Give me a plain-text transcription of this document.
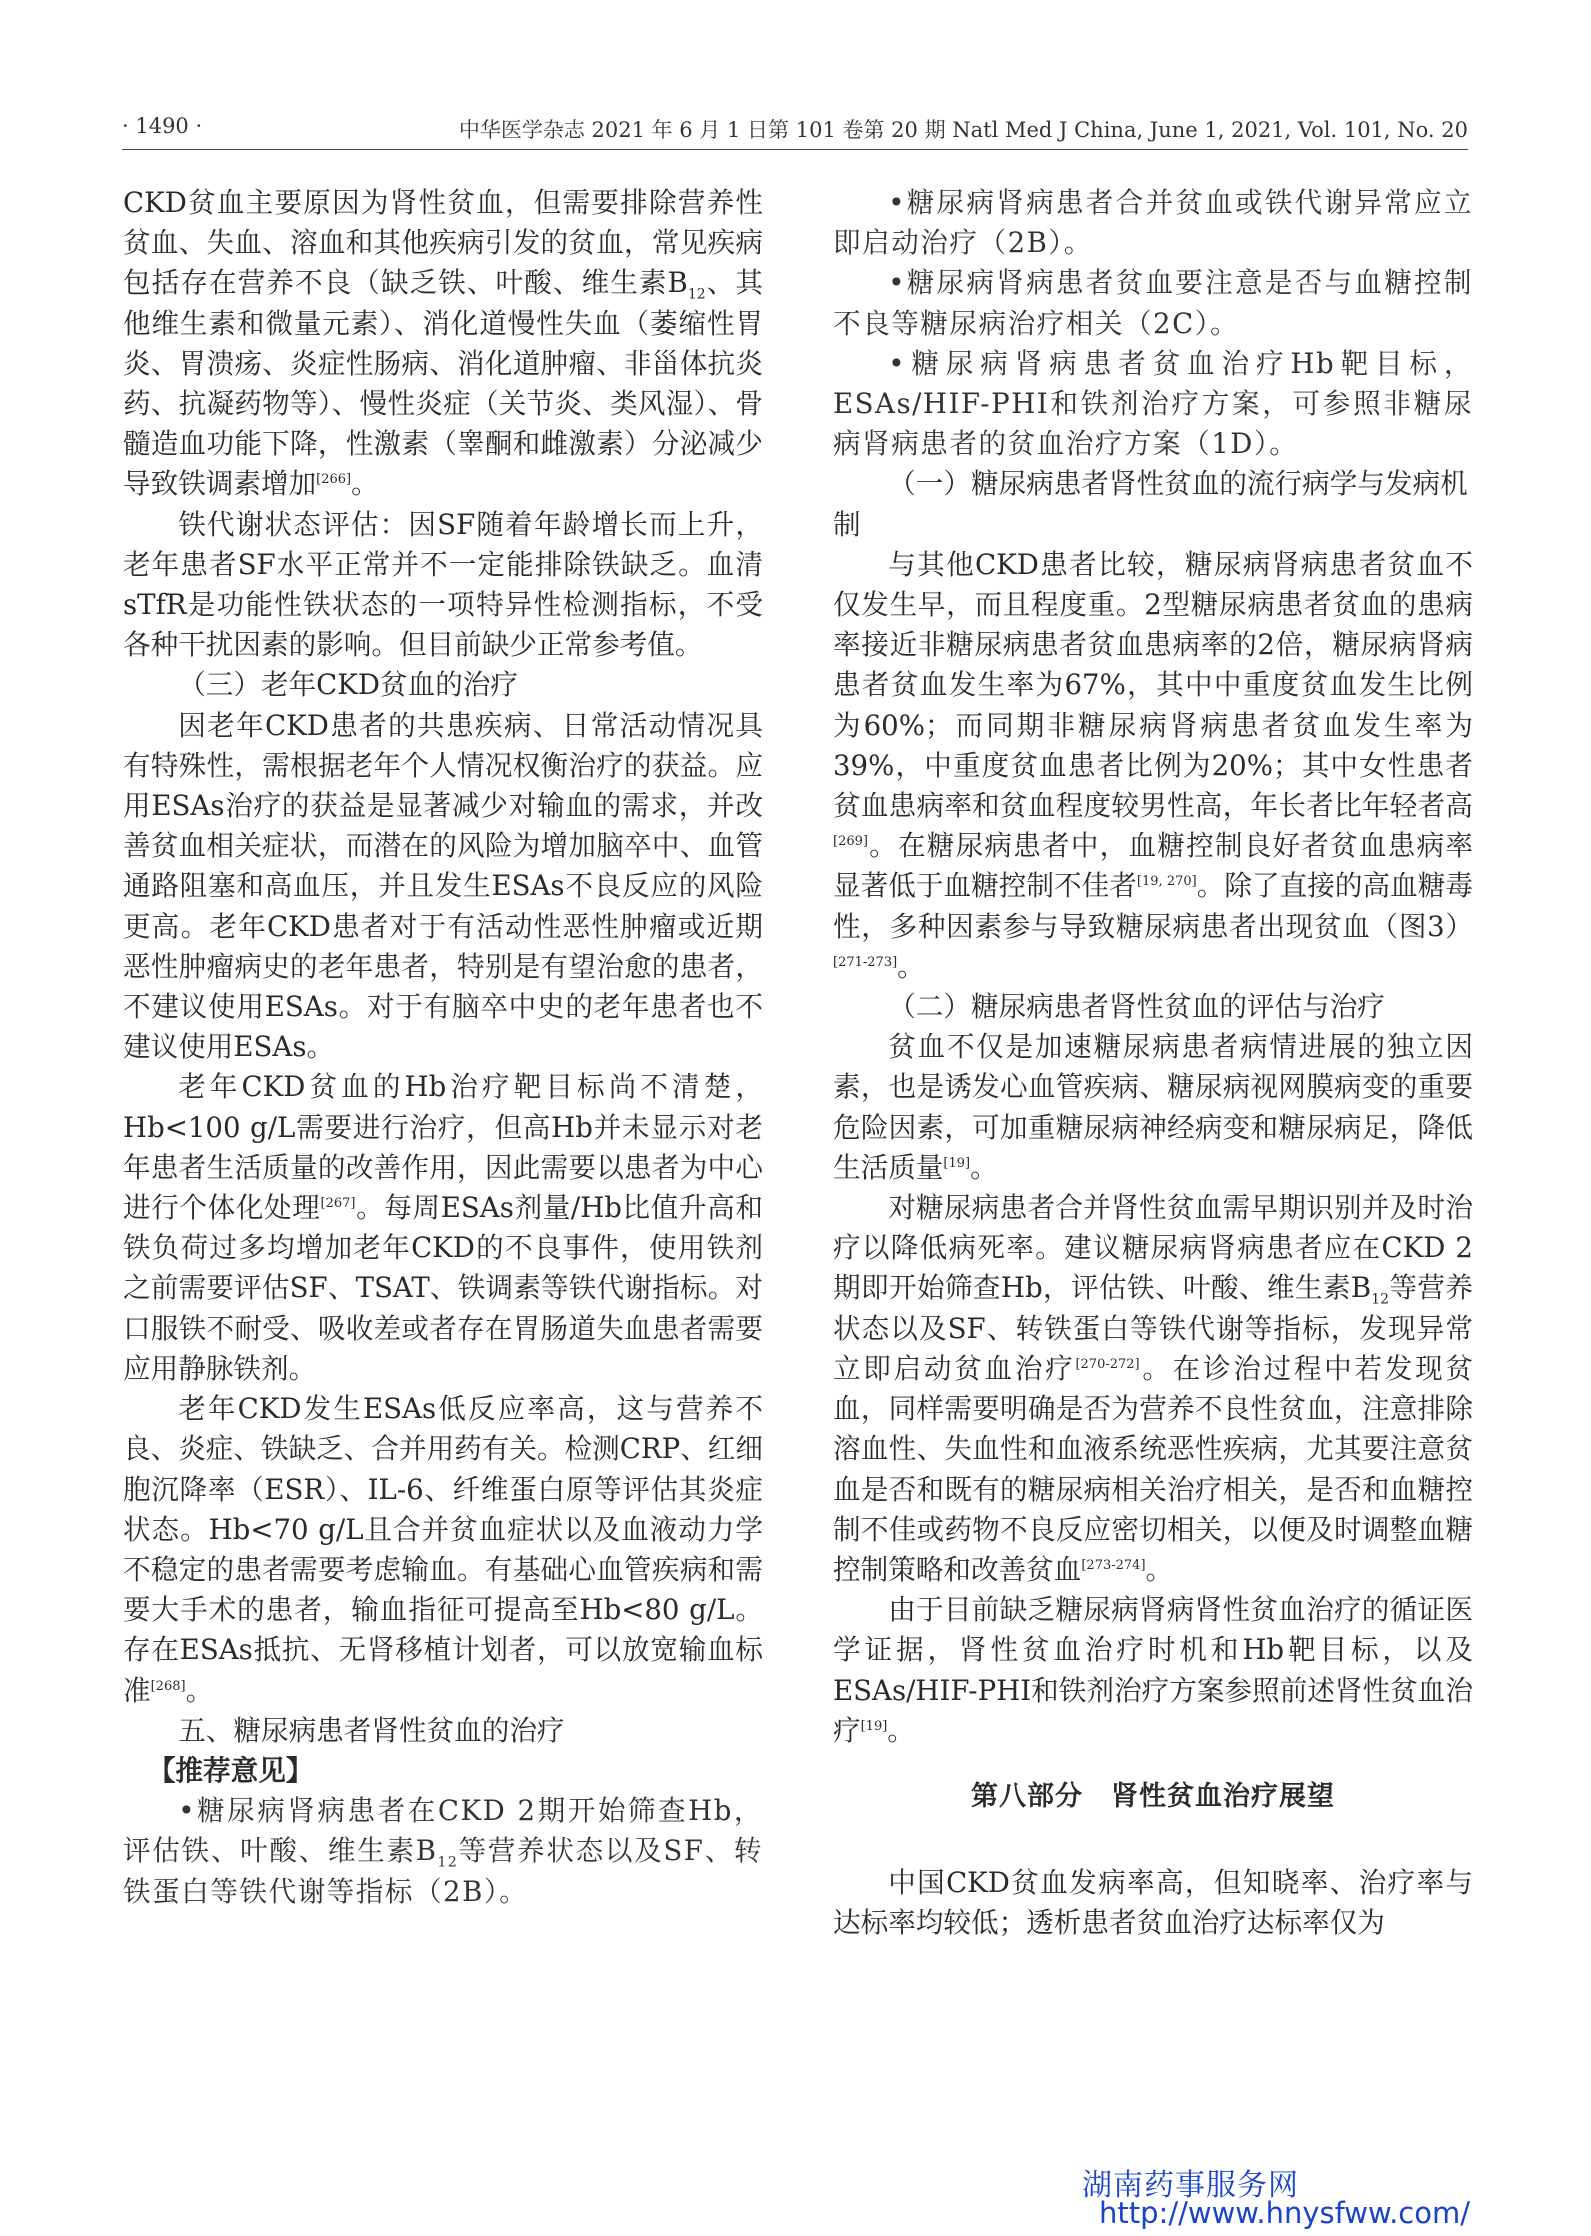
· 1490 ·	中华医学杂志 2021 年 6 月 1 日第 101 卷第 20 期 Natl Med J China, June 1, 2021, Vol. 101, No. 20

CKD贫血主要原因为肾性贫血，但需要排除营养性贫血、失血、溶血和其他疾病引发的贫血，常见疾病包括存在营养不良（缺乏铁、叶酸、维生素$B_{12}$、其他维生素和微量元素）、消化道慢性失血（萎缩性胃炎、胃溃疡、炎症性肠病、消化道肿瘤、非甾体抗炎药、抗凝药物等）、慢性炎症（关节炎、类风湿）、骨髓造血功能下降，性激素（睾酮和雌激素）分泌减少导致铁调素增加[266]。

铁代谢状态评估：因SF随着年龄增长而上升，老年患者SF水平正常并不一定能排除铁缺乏。血清sTfR是功能性铁状态的一项特异性检测指标，不受各种干扰因素的影响。但目前缺少正常参考值。

（三）老年CKD贫血的治疗

因老年CKD患者的共患疾病、日常活动情况具有特殊性，需根据老年个人情况权衡治疗的获益。应用ESAs治疗的获益是显著减少对输血的需求，并改善贫血相关症状，而潜在的风险为增加脑卒中、血管通路阻塞和高血压，并且发生ESAs不良反应的风险更高。老年CKD患者对于有活动性恶性肿瘤或近期恶性肿瘤病史的老年患者，特别是有望治愈的患者，不建议使用ESAs。对于有脑卒中史的老年患者也不建议使用ESAs。

老年CKD贫血的Hb治疗靶目标尚不清楚，Hb<100 g/L需要进行治疗，但高Hb并未显示对老年患者生活质量的改善作用，因此需要以患者为中心进行个体化处理[267]。每周ESAs剂量/Hb比值升高和铁负荷过多均增加老年CKD的不良事件，使用铁剂之前需要评估SF、TSAT、铁调素等铁代谢指标。对口服铁不耐受、吸收差或者存在胃肠道失血患者需要应用静脉铁剂。

老年CKD发生ESAs低反应率高，这与营养不良、炎症、铁缺乏、合并用药有关。检测CRP、红细胞沉降率（ESR）、IL-6、纤维蛋白原等评估其炎症状态。Hb<70 g/L且合并贫血症状以及血液动力学不稳定的患者需要考虑输血。有基础心血管疾病和需要大手术的患者，输血指征可提高至Hb<80 g/L。存在ESAs抵抗、无肾移植计划者，可以放宽输血标准[268]。

五、糖尿病患者肾性贫血的治疗

【推荐意见】

•糖尿病肾病患者在CKD 2期开始筛查Hb，评估铁、叶酸、维生素$B_{12}$等营养状态以及SF、转铁蛋白等铁代谢等指标（2B）。

•糖尿病肾病患者合并贫血或铁代谢异常应立即启动治疗（2B）。

•糖尿病肾病患者贫血要注意是否与血糖控制不良等糖尿病治疗相关（2C）。

•糖尿病肾病患者贫血治疗Hb靶目标，ESAs/HIF-PHI和铁剂治疗方案，可参照非糖尿病肾病患者的贫血治疗方案（1D）。

（一）糖尿病患者肾性贫血的流行病学与发病机制

与其他CKD患者比较，糖尿病肾病患者贫血不仅发生早，而且程度重。2型糖尿病患者贫血的患病率接近非糖尿病患者贫血患病率的2倍，糖尿病肾病患者贫血发生率为67%，其中中重度贫血发生比例为60%；而同期非糖尿病肾病患者贫血发生率为39%，中重度贫血患者比例为20%；其中女性患者贫血患病率和贫血程度较男性高，年长者比年轻者高[269]。在糖尿病患者中，血糖控制良好者贫血患病率显著低于血糖控制不佳者[19, 270]。除了直接的高血糖毒性，多种因素参与导致糖尿病患者出现贫血（图3）[271-273]。

（二）糖尿病患者肾性贫血的评估与治疗

贫血不仅是加速糖尿病患者病情进展的独立因素，也是诱发心血管疾病、糖尿病视网膜病变的重要危险因素，可加重糖尿病神经病变和糖尿病足，降低生活质量[19]。

对糖尿病患者合并肾性贫血需早期识别并及时治疗以降低病死率。建议糖尿病肾病患者应在CKD 2期即开始筛查Hb，评估铁、叶酸、维生素$B_{12}$等营养状态以及SF、转铁蛋白等铁代谢等指标，发现异常立即启动贫血治疗[270-272]。在诊治过程中若发现贫血，同样需要明确是否为营养不良性贫血，注意排除溶血性、失血性和血液系统恶性疾病，尤其要注意贫血是否和既有的糖尿病相关治疗相关，是否和血糖控制不佳或药物不良反应密切相关，以便及时调整血糖控制策略和改善贫血[273-274]。

由于目前缺乏糖尿病肾病肾性贫血治疗的循证医学证据，肾性贫血治疗时机和Hb靶目标，以及ESAs/HIF-PHI和铁剂治疗方案参照前述肾性贫血治疗[19]。

第八部分　肾性贫血治疗展望

中国CKD贫血发病率高，但知晓率、治疗率与达标率均较低；透析患者贫血治疗达标率仅为

湖南药事服务网
http://www.hnysfww.com/
